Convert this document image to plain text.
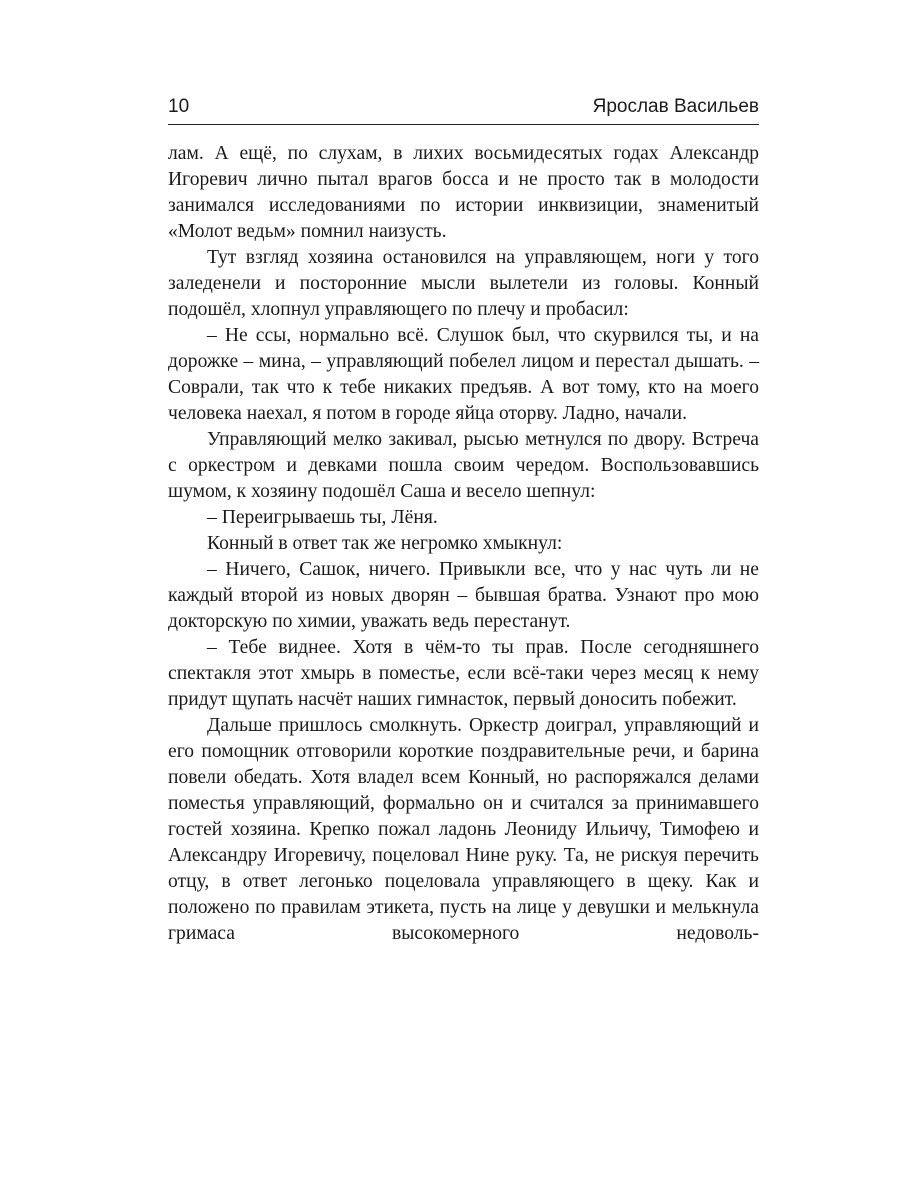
10	Ярослав Васильев

лам. А ещё, по слухам, в лихих восьмидесятых годах Александр Игоревич лично пытал врагов босса и не просто так в молодости занимался исследованиями по истории инквизиции, знаменитый «Молот ведьм» помнил наизусть.

Тут взгляд хозяина остановился на управляющем, ноги у того заледенели и посторонние мысли вылетели из головы. Конный подошёл, хлопнул управляющего по плечу и пробасил:

– Не ссы, нормально всё. Слушок был, что скурвился ты, и на дорожке – мина, – управляющий побелел лицом и перестал дышать. – Соврали, так что к тебе никаких предъяв. А вот тому, кто на моего человека наехал, я потом в городе яйца оторву. Ладно, начали.

Управляющий мелко закивал, рысью метнулся по двору. Встреча с оркестром и девками пошла своим чередом. Воспользовавшись шумом, к хозяину подошёл Саша и весело шепнул:

– Переигрываешь ты, Лёня.

Конный в ответ так же негромко хмыкнул:

– Ничего, Сашок, ничего. Привыкли все, что у нас чуть ли не каждый второй из новых дворян – бывшая братва. Узнают про мою докторскую по химии, уважать ведь перестанут.

– Тебе виднее. Хотя в чём-то ты прав. После сегодняшнего спектакля этот хмырь в поместье, если всё-таки через месяц к нему придут щупать насчёт наших гимнасток, первый доносить побежит.

Дальше пришлось смолкнуть. Оркестр доиграл, управляющий и его помощник отговорили короткие поздравительные речи, и барина повели обедать. Хотя владел всем Конный, но распоряжался делами поместья управляющий, формально он и считался за принимавшего гостей хозяина. Крепко пожал ладонь Леониду Ильичу, Тимофею и Александру Игоревичу, поцеловал Нине руку. Та, не рискуя перечить отцу, в ответ легонько поцеловала управляющего в щеку. Как и положено по правилам этикета, пусть на лице у девушки и мелькнула гримаса высокомерного недоволь-
